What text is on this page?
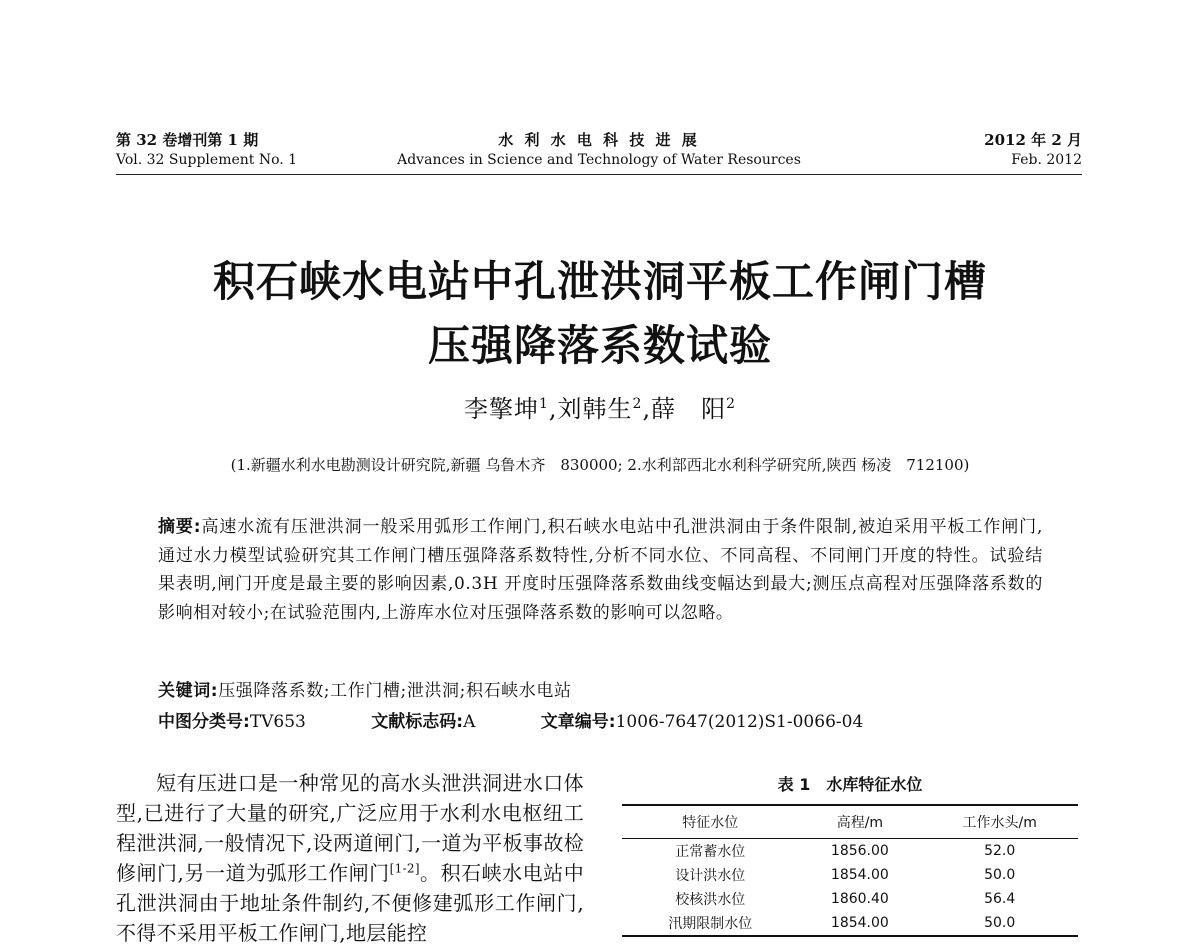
第 32 卷增刊第 1 期
Vol. 32 Supplement No. 1
水 利 水 电 科 技 进 展
Advances in Science and Technology of Water Resources
2012 年 2 月
Feb. 2012
积石峡水电站中孔泄洪洞平板工作闸门槽
压强降落系数试验
李擎坤$^1$,刘韩生$^2$,薛　阳$^2$
(1.新疆水利水电勘测设计研究院,新疆 乌鲁木齐　830000; 2.水利部西北水利科学研究所,陕西 杨凌　712100)
摘要:高速水流有压泄洪洞一般采用弧形工作闸门,积石峡水电站中孔泄洪洞由于条件限制,被迫采用平板工作闸门,通过水力模型试验研究其工作闸门槽压强降落系数特性,分析不同水位、不同高程、不同闸门开度的特性。试验结果表明,闸门开度是最主要的影响因素,0.3H 开度时压强降落系数曲线变幅达到最大;测压点高程对压强降落系数的影响相对较小;在试验范围内,上游库水位对压强降落系数的影响可以忽略。
关键词:压强降落系数;工作门槽;泄洪洞;积石峡水电站
中图分类号:TV653	文献标志码:A	文章编号:1006-7647(2012)S1-0066-04
短有压进口是一种常见的高水头泄洪洞进水口体型,已进行了大量的研究,广泛应用于水利水电枢纽工程泄洪洞,一般情况下,设两道闸门,一道为平板事故检修闸门,另一道为弧形工作闸门[1-2]。积石峡水电站中孔泄洪洞由于地址条件制约,不便修建弧形工作闸门,不得不采用平板工作闸门,地层能控
表 1　水库特征水位
特征水位	高程/m	工作水头/m
正常蓄水位	1856.00	52.0
设计洪水位	1854.00	50.0
校核洪水位	1860.40	56.4
汛期限制水位	1854.00	50.0
